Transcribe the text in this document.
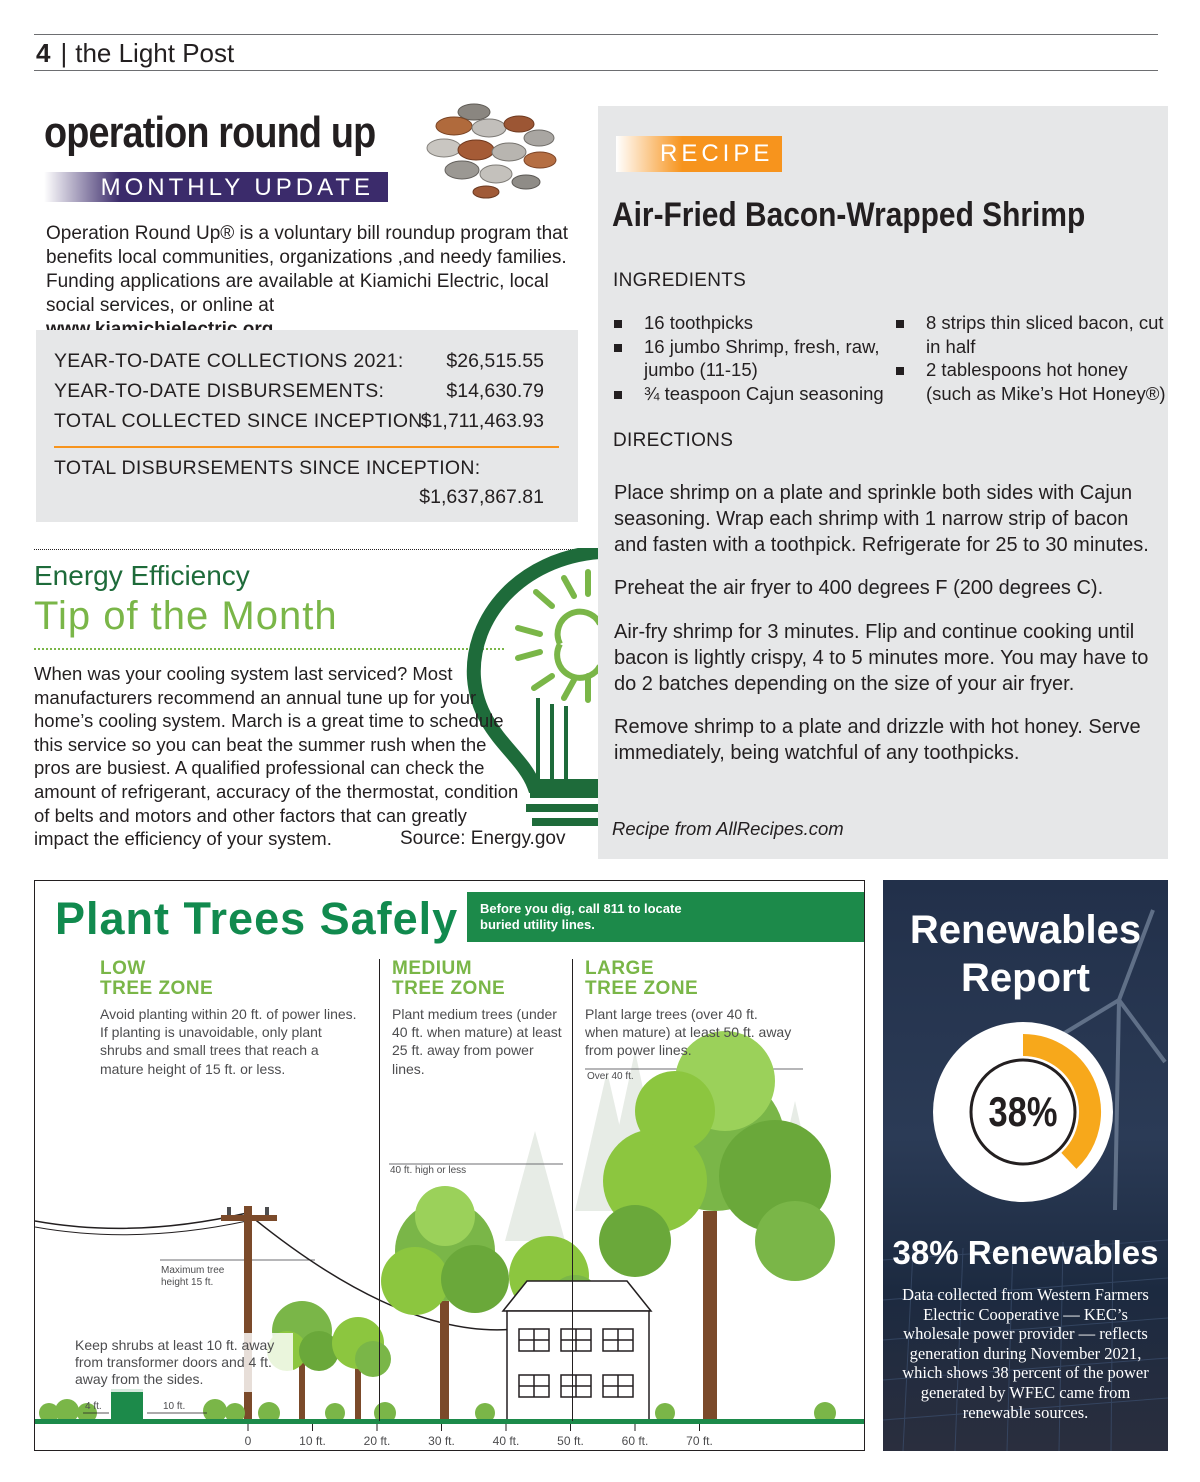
4 | the Light Post
operation round up
MONTHLY UPDATE
Operation Round Up® is a voluntary bill roundup program that benefits local communities, organizations ,and needy families. Funding applications are available at Kiamichi Electric, local social services, or online at

YEAR-TO-DATE COLLECTIONS 2021: $26,515.55
YEAR-TO-DATE DISBURSEMENTS:	$14,630.79
TOTAL COLLECTED SINCE INCEPTION:
$1,711,463.93
TOTAL DISBURSEMENTS SINCE INCEPTION:
$1,637,867.81
Energy Efficiency
Tip of the Month
When was your cooling system last serviced? Most manufacturers recommend an annual tune up for your home’s cooling system. March is a great time to schedule this service so you can beat the summer rush when the pros are busiest. A qualified professional can check the amount of refrigerant, accuracy of the thermostat, condition of belts and motors and other factors that can greatly impact the efficiency of your system.	Source: Energy.gov
RECIPE
Air-Fried Bacon-Wrapped Shrimp
INGREDIENTS
16 toothpicks
16 jumbo Shrimp, fresh, raw, jumbo (11-15)
¾ teaspoon Cajun seasoning
8 strips thin sliced bacon, cut in half
2 tablespoons hot honey (such as Mike’s Hot Honey®)
DIRECTIONS
Place shrimp on a plate and sprinkle both sides with Cajun seasoning. Wrap each shrimp with 1 narrow strip of bacon and fasten with a toothpick. Refrigerate for 25 to 30 minutes.
Preheat the air fryer to 400 degrees F (200 degrees C).
Air-fry shrimp for 3 minutes. Flip and continue cooking until bacon is lightly crispy, 4 to 5 minutes more. You may have to do 2 batches depending on the size of your air fryer.
Remove shrimp to a plate and drizzle with hot honey. Serve immediately, being watchful of any toothpicks.
Recipe from AllRecipes.com
Plant Trees Safely Before you dig, call 811 to locate buried utility lines.
LOW
TREE ZONE
Avoid planting within 20 ft. of power lines. If planting is unavoidable, only plant shrubs and small trees that reach a mature height of 15 ft. or less.
MEDIUM
TREE ZONE
Plant medium trees (under 40 ft. when mature) at least 25 ft. away from power lines.
LARGE
TREE ZONE
Plant large trees (over 40 ft. when mature) at least 50 ft. away from power lines.
Over 40 ft.
40 ft. high or less
Maximum tree height 15 ft.
Keep shrubs at least 10 ft. away from transformer doors and 4 ft. away from the sides.
4 ft.	10 ft.
0	10 ft.	20 ft.	30 ft.	40 ft.	50 ft.	60 ft.	70 ft.
Renewables
Report
38%
38% Renewables
Data collected from Western Farmers Electric Cooperative — KEC’s wholesale power provider — reflects generation during November 2021, which shows 38 percent of the power generated by WFEC came from renewable sources.
